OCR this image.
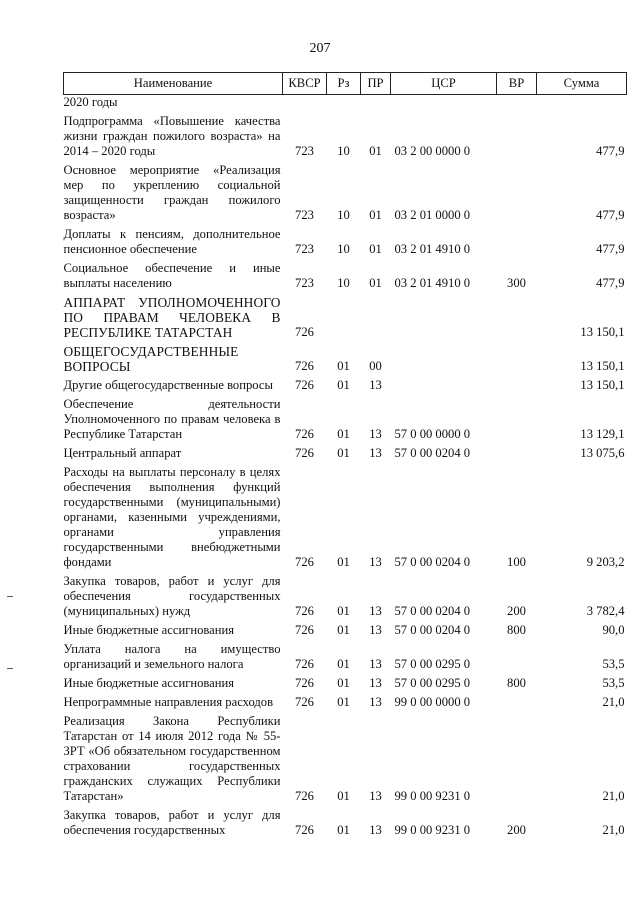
207
Наименование	КВСР	Рз	ПР	ЦСР	ВР	Сумма
2020 годы						
Подпрограмма «Повышение качества жизни граждан пожилого возраста» на 2014 – 2020 годы	723	10	01	03 2 00 0000 0		477,9
Основное мероприятие «Реализация мер по укреплению социальной защищенности граждан пожилого возраста»	723	10	01	03 2 01 0000 0		477,9
Доплаты к пенсиям, дополнительное пенсионное обеспечение	723	10	01	03 2 01 4910 0		477,9
Социальное обеспечение и иные выплаты населению	723	10	01	03 2 01 4910 0	300	477,9
АППАРАТ УПОЛНОМОЧЕННОГО ПО ПРАВАМ ЧЕЛОВЕКА В РЕСПУБЛИКЕ ТАТАРСТАН	726					13 150,1
ОБЩЕГОСУДАРСТВЕННЫЕ ВОПРОСЫ	726	01	00			13 150,1
Другие общегосударственные вопросы	726	01	13			13 150,1
Обеспечение деятельности Уполномоченного по правам человека в Республике Татарстан	726	01	13	57 0 00 0000 0		13 129,1
Центральный аппарат	726	01	13	57 0 00 0204 0		13 075,6
Расходы на выплаты персоналу в целях обеспечения выполнения функций государственными (муниципальными) органами, казенными учреждениями, органами управления государственными внебюджетными фондами	726	01	13	57 0 00 0204 0	100	9 203,2
Закупка товаров, работ и услуг для обеспечения государственных (муниципальных) нужд	726	01	13	57 0 00 0204 0	200	3 782,4
Иные бюджетные ассигнования	726	01	13	57 0 00 0204 0	800	90,0
Уплата налога на имущество организаций и земельного налога	726	01	13	57 0 00 0295 0		53,5
Иные бюджетные ассигнования	726	01	13	57 0 00 0295 0	800	53,5
Непрограммные направления расходов	726	01	13	99 0 00 0000 0		21,0
Реализация Закона Республики Татарстан от 14 июля 2012 года № 55-ЗРТ «Об обязательном государственном страховании государственных гражданских служащих Республики Татарстан»	726	01	13	99 0 00 9231 0		21,0
Закупка товаров, работ и услуг для обеспечения государственных	726	01	13	99 0 00 9231 0	200	21,0
